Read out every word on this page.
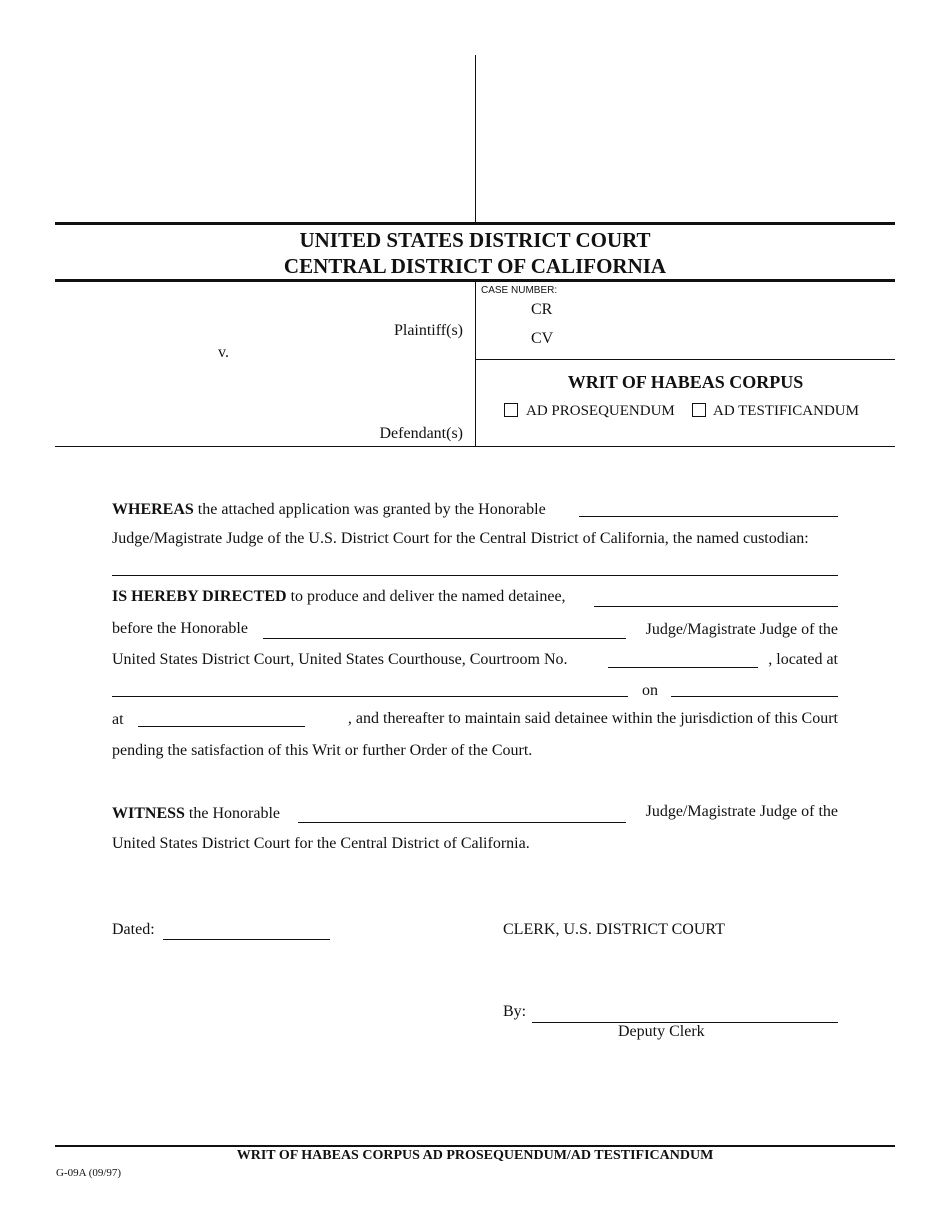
UNITED STATES DISTRICT COURT
CENTRAL DISTRICT OF CALIFORNIA
Plaintiff(s)
v.
Defendant(s)
CASE NUMBER:
CR
CV
WRIT OF HABEAS CORPUS
AD PROSEQUENDUM	AD TESTIFICANDUM
WHEREAS the attached application was granted by the Honorable
Judge/Magistrate Judge of the U.S. District Court for the Central District of California, the named custodian:
IS HEREBY DIRECTED to produce and deliver the named detainee,
before the Honorable	Judge/Magistrate Judge of the
United States District Court, United States Courthouse, Courtroom No.	, located at
on
at	, and thereafter to maintain said detainee within the jurisdiction of this Court
pending the satisfaction of this Writ or further Order of the Court.
WITNESS the Honorable	Judge/Magistrate Judge of the
United States District Court for the Central District of California.
Dated:	CLERK, U.S. DISTRICT COURT
By:
Deputy Clerk
WRIT OF HABEAS CORPUS AD PROSEQUENDUM/AD TESTIFICANDUM
G-09A (09/97)
